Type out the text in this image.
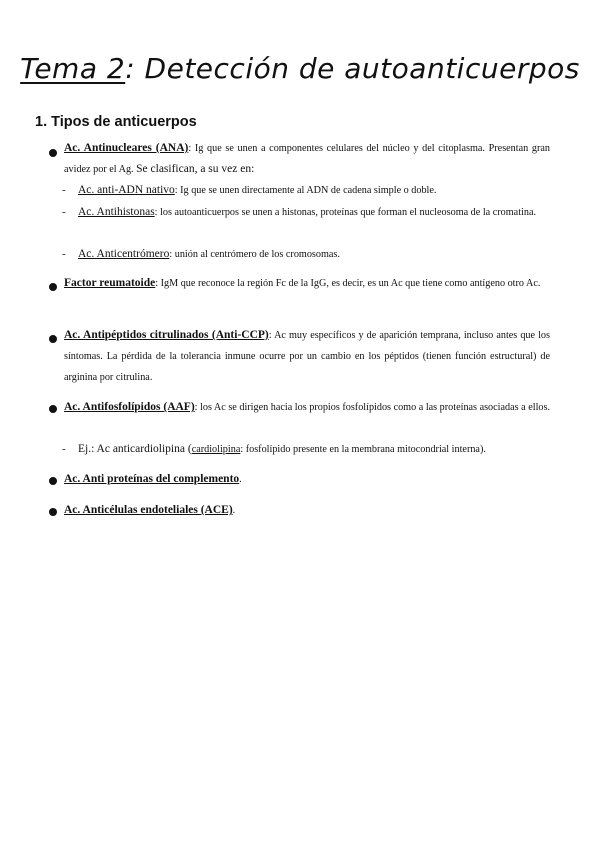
Tema 2: Detección de autoanticuerpos
1. Tipos de anticuerpos
Ac. Antinucleares (ANA): Ig que se unen a componentes celulares del núcleo y del citoplasma. Presentan gran avidez por el Ag. Se clasifican, a su vez en:
- Ac. anti-ADN nativo: Ig que se unen directamente al ADN de cadena simple o doble.
- Ac. Antihistonas: los autoanticuerpos se unen a histonas, proteínas que forman el nucleosoma de la cromatina.
- Ac. Anticentrómero: unión al centrómero de los cromosomas.
Factor reumatoide: IgM que reconoce la región Fc de la IgG, es decir, es un Ac que tiene como antígeno otro Ac.
Ac. Antipéptidos citrulinados (Anti-CCP): Ac muy específicos y de aparición temprana, incluso antes que los síntomas. La pérdida de la tolerancia inmune ocurre por un cambio en los péptidos (tienen función estructural) de arginina por citrulina.
Ac. Antifosfolípidos (AAF): los Ac se dirigen hacia los propios fosfolípidos como a las proteínas asociadas a ellos.
- Ej.: Ac anticardiolipina (cardiolipina: fosfolípido presente en la membrana mitocondrial interna).
Ac. Anti proteínas del complemento.
Ac. Anticélulas endoteliales (ACE).
